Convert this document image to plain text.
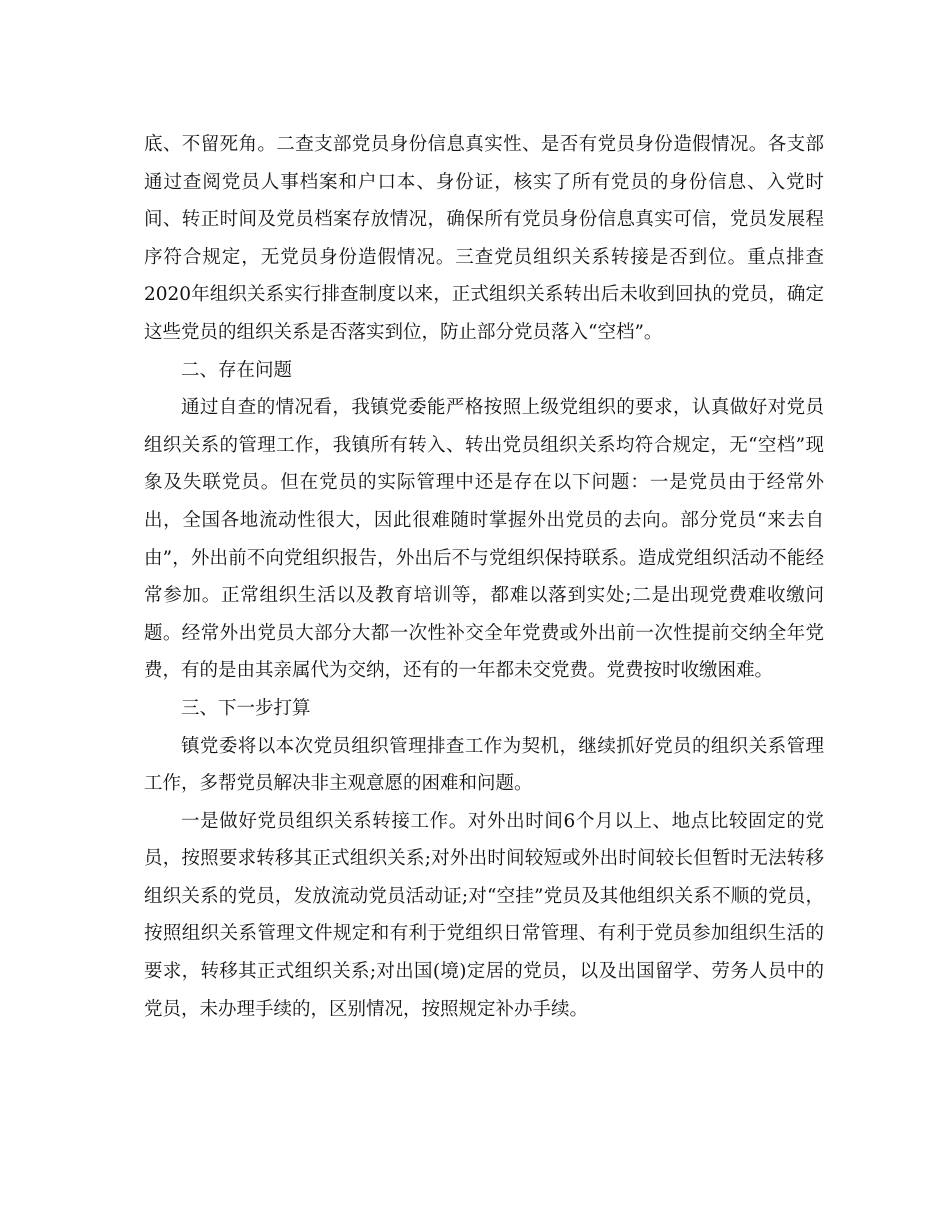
底、不留死角。二查支部党员身份信息真实性、是否有党员身份造假情况。各支部通过查阅党员人事档案和户口本、身份证，核实了所有党员的身份信息、入党时间、转正时间及党员档案存放情况，确保所有党员身份信息真实可信，党员发展程序符合规定，无党员身份造假情况。三查党员组织关系转接是否到位。重点排查2020年组织关系实行排查制度以来，正式组织关系转出后未收到回执的党员，确定这些党员的组织关系是否落实到位，防止部分党员落入“空档”。

二、存在问题

通过自查的情况看，我镇党委能严格按照上级党组织的要求，认真做好对党员组织关系的管理工作，我镇所有转入、转出党员组织关系均符合规定，无“空档”现象及失联党员。但在党员的实际管理中还是存在以下问题：一是党员由于经常外出，全国各地流动性很大，因此很难随时掌握外出党员的去向。部分党员“来去自由”，外出前不向党组织报告，外出后不与党组织保持联系。造成党组织活动不能经常参加。正常组织生活以及教育培训等，都难以落到实处;二是出现党费难收缴问题。经常外出党员大部分大都一次性补交全年党费或外出前一次性提前交纳全年党费，有的是由其亲属代为交纳，还有的一年都未交党费。党费按时收缴困难。

三、下一步打算

镇党委将以本次党员组织管理排查工作为契机，继续抓好党员的组织关系管理工作，多帮党员解决非主观意愿的困难和问题。

一是做好党员组织关系转接工作。对外出时间6个月以上、地点比较固定的党员，按照要求转移其正式组织关系;对外出时间较短或外出时间较长但暂时无法转移组织关系的党员，发放流动党员活动证;对“空挂”党员及其他组织关系不顺的党员，按照组织关系管理文件规定和有利于党组织日常管理、有利于党员参加组织生活的要求，转移其正式组织关系;对出国(境)定居的党员，以及出国留学、劳务人员中的党员，未办理手续的，区别情况，按照规定补办手续。
